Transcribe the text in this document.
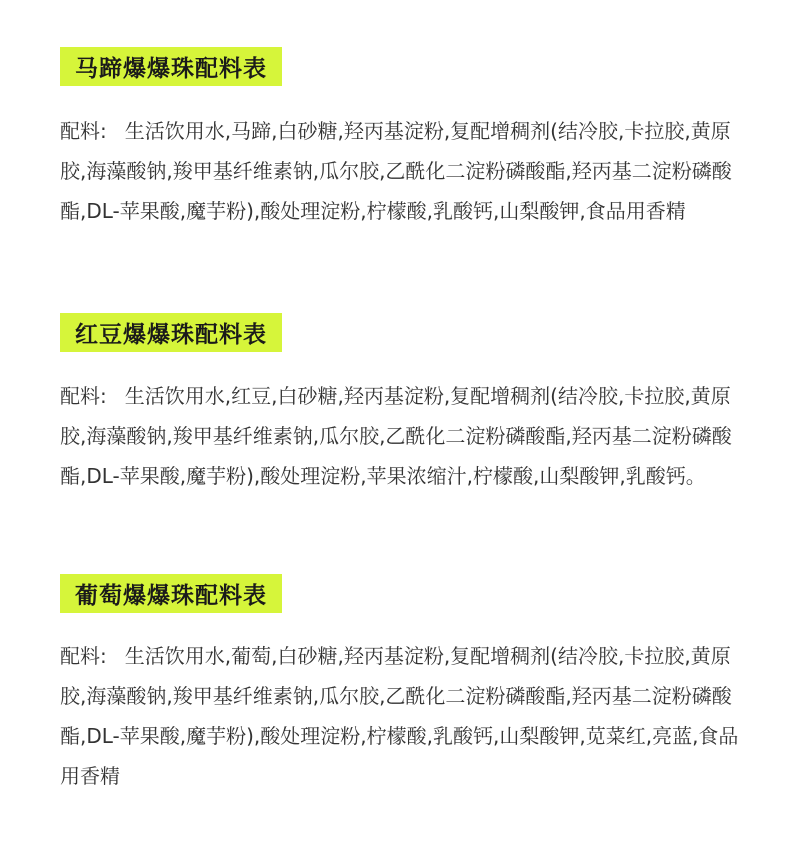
马蹄爆爆珠配料表

配料: 生活饮用水,马蹄,白砂糖,羟丙基淀粉,复配增稠剂(结冷胶,卡拉胶,黄原胶,海藻酸钠,羧甲基纤维素钠,瓜尔胶,乙酰化二淀粉磷酸酯,羟丙基二淀粉磷酸酯,DL-苹果酸,魔芋粉),酸处理淀粉,柠檬酸,乳酸钙,山梨酸钾,食品用香精

红豆爆爆珠配料表

配料: 生活饮用水,红豆,白砂糖,羟丙基淀粉,复配增稠剂(结冷胶,卡拉胶,黄原胶,海藻酸钠,羧甲基纤维素钠,瓜尔胶,乙酰化二淀粉磷酸酯,羟丙基二淀粉磷酸酯,DL-苹果酸,魔芋粉),酸处理淀粉,苹果浓缩汁,柠檬酸,山梨酸钾,乳酸钙。

葡萄爆爆珠配料表

配料: 生活饮用水,葡萄,白砂糖,羟丙基淀粉,复配增稠剂(结冷胶,卡拉胶,黄原胶,海藻酸钠,羧甲基纤维素钠,瓜尔胶,乙酰化二淀粉磷酸酯,羟丙基二淀粉磷酸酯,DL-苹果酸,魔芋粉),酸处理淀粉,柠檬酸,乳酸钙,山梨酸钾,苋菜红,亮蓝,食品用香精
